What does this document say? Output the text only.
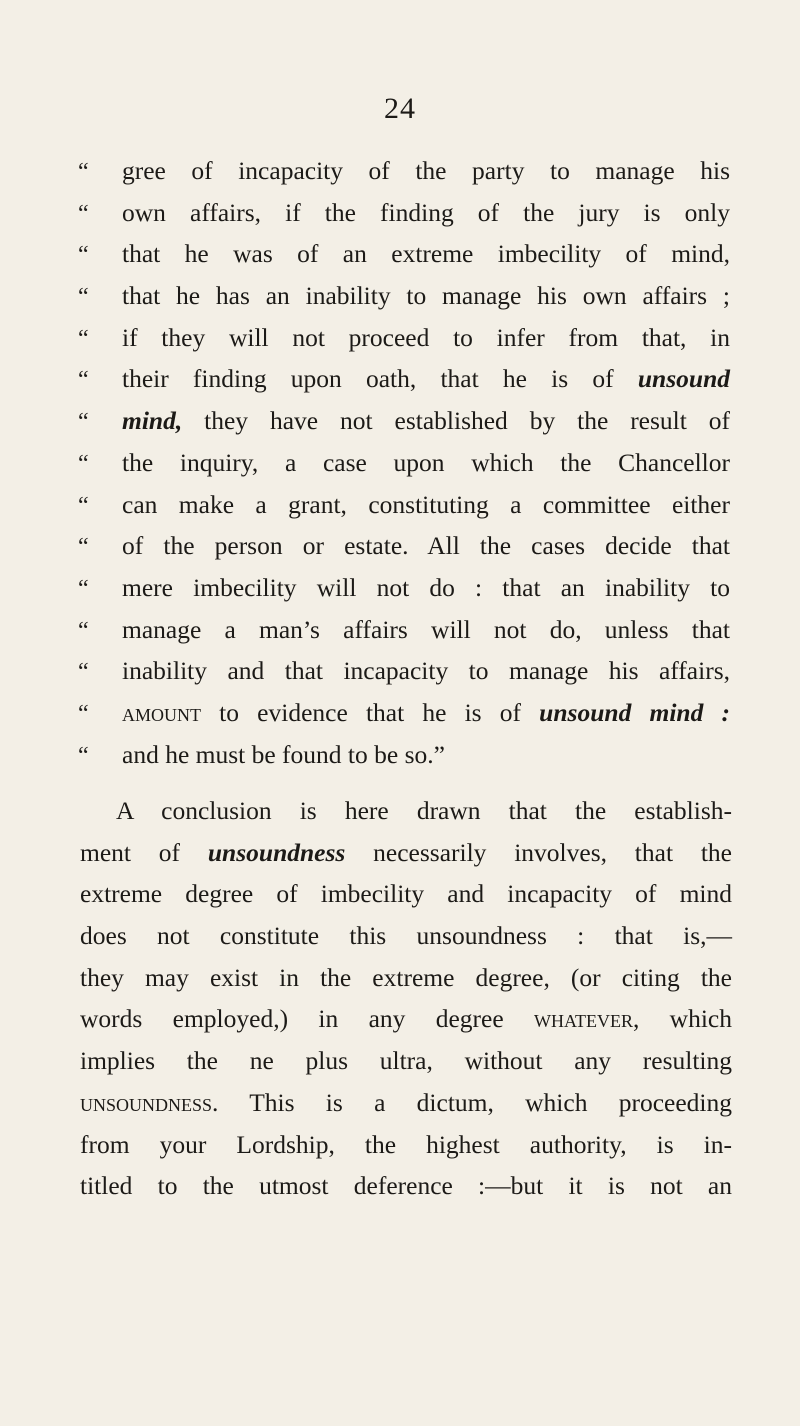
24
“	gree of incapacity of the party to manage his
“	own affairs, if the finding of the jury is only
“	that he was of an extreme imbecility of mind,
“	that he has an inability to manage his own affairs ;
“	if they will not proceed to infer from that, in
“	their finding upon oath, that he is of unsound
“	mind, they have not established by the result of
“	the inquiry, a case upon which the Chancellor
“	can make a grant, constituting a committee either
“	of the person or estate. All the cases decide that
“	mere imbecility will not do : that an inability to
“	manage a man’s affairs will not do, unless that
“	inability and that incapacity to manage his affairs,
“	amount to evidence that he is of unsound mind :
“	and he must be found to be so.”
A conclusion is here drawn that the establish-
ment of unsoundness necessarily involves, that the
extreme degree of imbecility and incapacity of mind
does not constitute this unsoundness : that is,—
they may exist in the extreme degree, (or citing the
words employed,) in any degree whatever, which
implies the ne plus ultra, without any resulting
unsoundness. This is a dictum, which proceeding
from your Lordship, the highest authority, is in-
titled to the utmost deference :—but it is not an
